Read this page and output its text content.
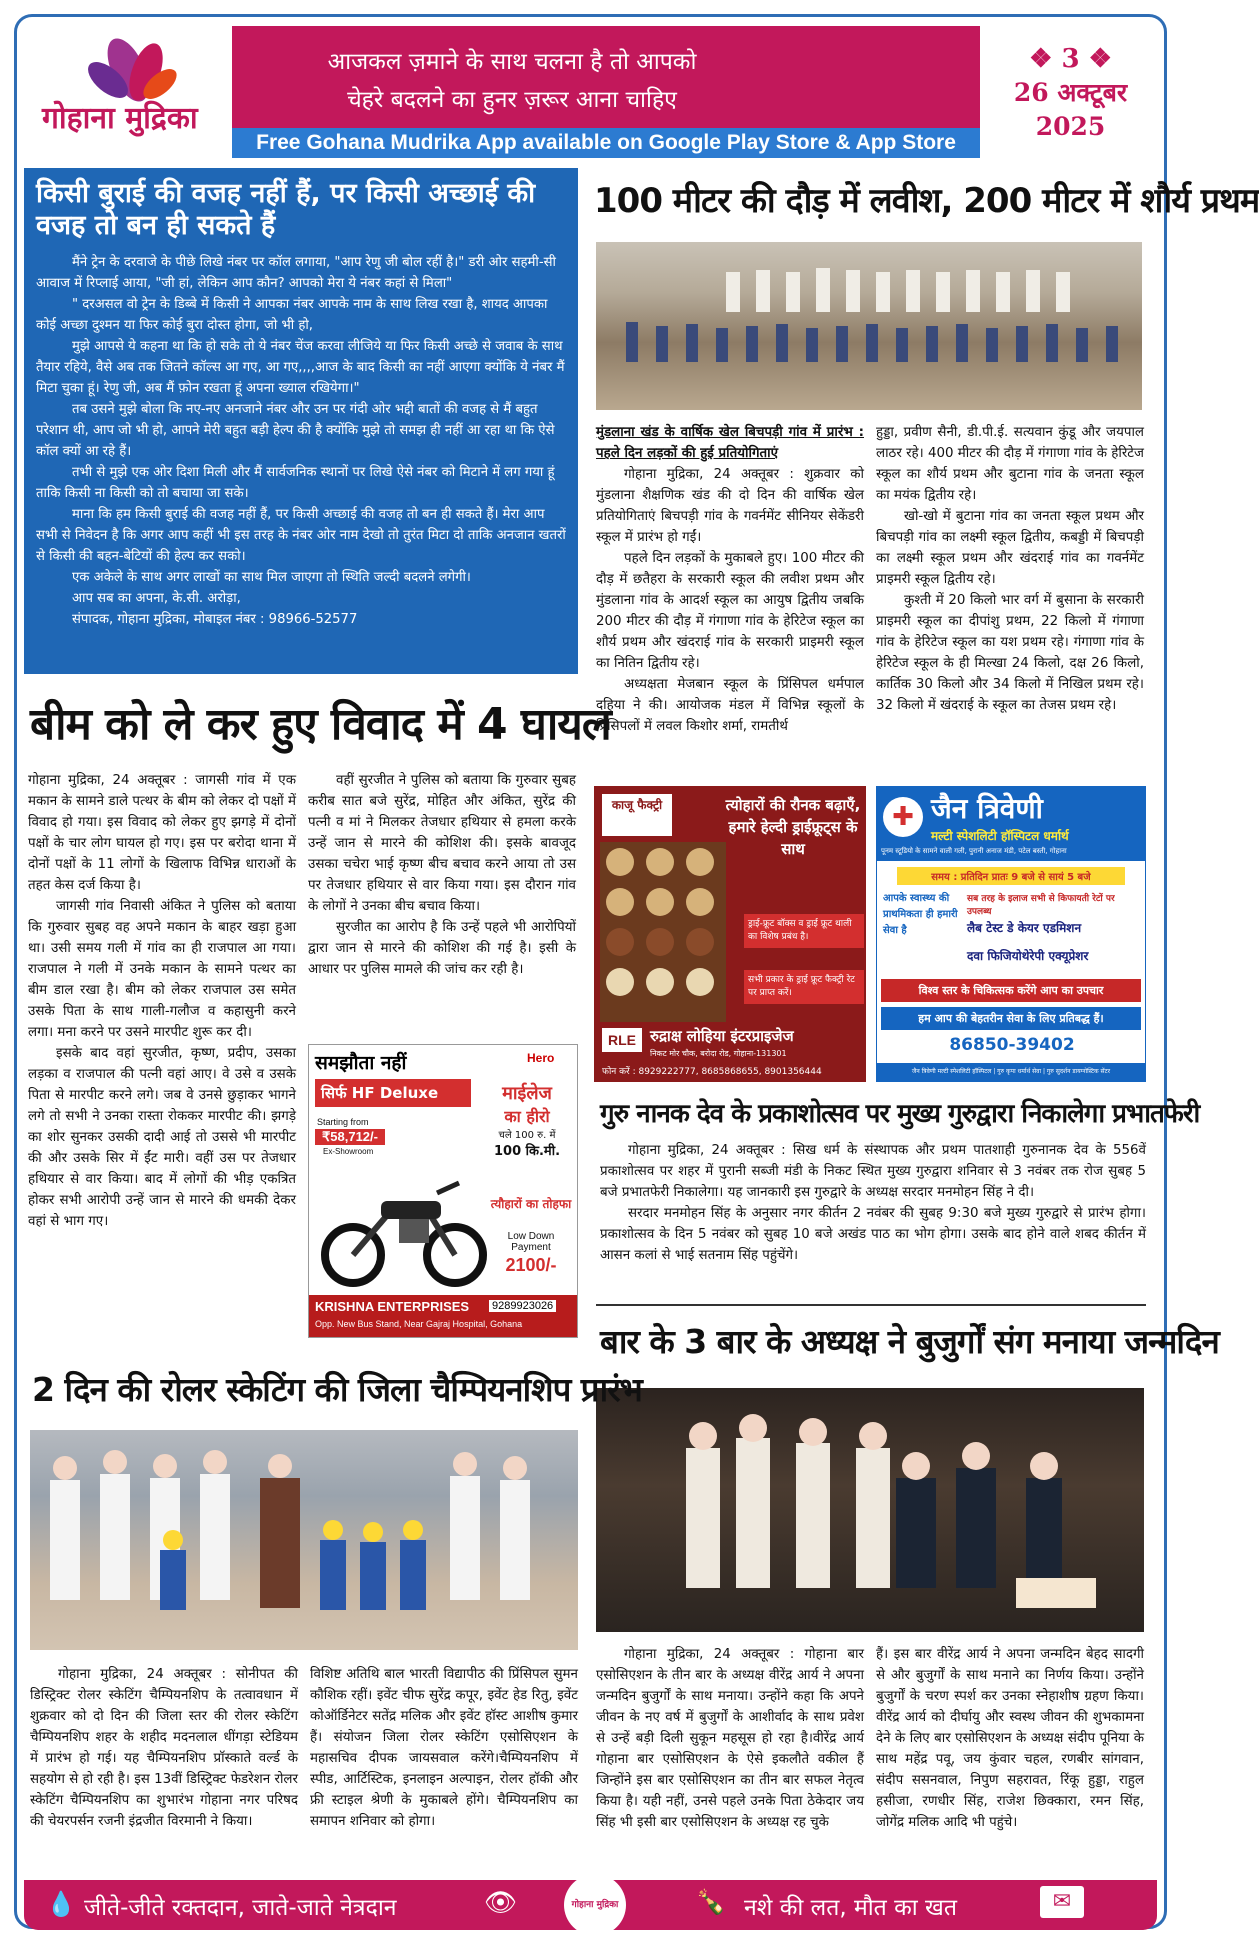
गोहाना मुद्रिका
आजकल ज़माने के साथ चलना है तो आपको
चेहरे बदलने का हुनर ज़रूर आना चाहिए
Free Gohana Mudrika App available on Google Play Store & App Store
❖ 3 ❖
26 अक्टूबर
2025
किसी बुराई की वजह नहीं हैं, पर किसी अच्छाई की वजह तो बन ही सकते हैं

मैंने ट्रेन के दरवाजे के पीछे लिखे नंबर पर कॉल लगाया, "आप रेणु जी बोल रहीं है।" डरी ओर सहमी-सी आवाज में रिप्लाई आया, "जी हां, लेकिन आप कौन? आपको मेरा ये नंबर कहां से मिला"

" दरअसल वो ट्रेन के डिब्बे में किसी ने आपका नंबर आपके नाम के साथ लिख रखा है, शायद आपका कोई अच्छा दुश्मन या फिर कोई बुरा दोस्त होगा, जो भी हो,

मुझे आपसे ये कहना था कि हो सके तो ये नंबर चेंज करवा लीजिये या फिर किसी अच्छे से जवाब के साथ तैयार रहिये, वैसे अब तक जितने कॉल्स आ गए, आ गए,,,,आज के बाद किसी का नहीं आएगा क्योंकि ये नंबर मैं मिटा चुका हूं। रेणु जी, अब मैं फ़ोन रखता हूं अपना ख्याल रखियेगा।"

तब उसने मुझे बोला कि नए-नए अनजाने नंबर और उन पर गंदी ओर भद्दी बातों की वजह से मैं बहुत परेशान थी, आप जो भी हो, आपने मेरी बहुत बड़ी हेल्प की है क्योंकि मुझे तो समझ ही नहीं आ रहा था कि ऐसे कॉल क्यों आ रहे हैं।

तभी से मुझे एक ओर दिशा मिली और मैं सार्वजनिक स्थानों पर लिखे ऐसे नंबर को मिटाने में लग गया हूं ताकि किसी ना किसी को तो बचाया जा सके।

माना कि हम किसी बुराई की वजह नहीं हैं, पर किसी अच्छाई की वजह तो बन ही सकते हैं। मेरा आप सभी से निवेदन है कि अगर आप कहीं भी इस तरह के नंबर ओर नाम देखो तो तुरंत मिटा दो ताकि अनजान खतरों से किसी की बहन-बेटियों की हेल्प कर सको।

एक अकेले के साथ अगर लाखों का साथ मिल जाएगा तो स्थिति जल्दी बदलने लगेगी।

आप सब का अपना, के.सी. अरोड़ा,

संपादक, गोहाना मुद्रिका, मोबाइल नंबर : 98966-52577

100 मीटर की दौड़ में लवीश, 200 मीटर में शौर्य प्रथम

मुंडलाना खंड के वार्षिक खेल बिचपड़ी गांव में प्रारंभ : पहले दिन लड़कों की हुई प्रतियोगिताएं

गोहाना मुद्रिका, 24 अक्तूबर : शुक्रवार को मुंडलाना शैक्षणिक खंड की दो दिन की वार्षिक खेल प्रतियोगिताएं बिचपड़ी गांव के गवर्नमेंट सीनियर सेकेंडरी स्कूल में प्रारंभ हो गईं।

पहले दिन लड़कों के मुकाबले हुए। 100 मीटर की दौड़ में छतैहरा के सरकारी स्कूल की लवीश प्रथम और मुंडलाना गांव के आदर्श स्कूल का आयुष द्वितीय जबकि 200 मीटर की दौड़ में गंगाणा गांव के हेरिटेज स्कूल का शौर्य प्रथम और खंदराई गांव के सरकारी प्राइमरी स्कूल का नितिन द्वितीय रहे।

अध्यक्षता मेजबान स्कूल के प्रिंसिपल धर्मपाल दहिया ने की। आयोजक मंडल में विभिन्न स्कूलों के प्रिंसिपलों में लवल किशोर शर्मा, रामतीर्थ

हुड्डा, प्रवीण सैनी, डी.पी.ई. सत्यवान कुंडू और जयपाल लाठर रहे। 400 मीटर की दौड़ में गंगाणा गांव के हेरिटेज स्कूल का शौर्य प्रथम और बुटाना गांव के जनता स्कूल का मयंक द्वितीय रहे।

खो-खो में बुटाना गांव का जनता स्कूल प्रथम और बिचपड़ी गांव का लक्ष्मी स्कूल द्वितीय, कबड्डी में बिचपड़ी का लक्ष्मी स्कूल प्रथम और खंदराई गांव का गवर्नमेंट प्राइमरी स्कूल द्वितीय रहे।

कुश्ती में 20 किलो भार वर्ग में बुसाना के सरकारी प्राइमरी स्कूल का दीपांशु प्रथम, 22 किलो में गंगाणा गांव के हेरिटेज स्कूल का यश प्रथम रहे। गंगाणा गांव के हेरिटेज स्कूल के ही मिल्खा 24 किलो, दक्ष 26 किलो, कार्तिक 30 किलो और 34 किलो में निखिल प्रथम रहे। 32 किलो में खंदराई के स्कूल का तेजस प्रथम रहे।

बीम को ले कर हुए विवाद में 4 घायल

गोहाना मुद्रिका, 24 अक्तूबर : जागसी गांव में एक मकान के सामने डाले पत्थर के बीम को लेकर दो पक्षों में विवाद हो गया। इस विवाद को लेकर हुए झगड़े में दोनों पक्षों के चार लोग घायल हो गए। इस पर बरोदा थाना में दोनों पक्षों के 11 लोगों के खिलाफ विभिन्न धाराओं के तहत केस दर्ज किया है।

जागसी गांव निवासी अंकित ने पुलिस को बताया कि गुरुवार सुबह वह अपने मकान के बाहर खड़ा हुआ था। उसी समय गली में गांव का ही राजपाल आ गया। राजपाल ने गली में उनके मकान के सामने पत्थर का बीम डाल रखा है। बीम को लेकर राजपाल उस समेत उसके पिता के साथ गाली-गलौज व कहासुनी करने लगा। मना करने पर उसने मारपीट शुरू कर दी।

इसके बाद वहां सुरजीत, कृष्ण, प्रदीप, उसका लड़का व राजपाल की पत्नी वहां आए। वे उसे व उसके पिता से मारपीट करने लगे। जब वे उनसे छुड़ाकर भागने लगे तो सभी ने उनका रास्ता रोककर मारपीट की। झगड़े का शोर सुनकर उसकी दादी आई तो उससे भी मारपीट की और उसके सिर में ईंट मारी। वहीं उस पर तेजधार हथियार से वार किया। बाद में लोगों की भीड़ एकत्रित होकर सभी आरोपी उन्हें जान से मारने की धमकी देकर वहां से भाग गए।

वहीं सुरजीत ने पुलिस को बताया कि गुरुवार सुबह करीब सात बजे सुरेंद्र, मोहित और अंकित, सुरेंद्र की पत्नी व मां ने मिलकर तेजधार हथियार से हमला करके उन्हें जान से मारने की कोशिश की। इसके बावजूद उसका चचेरा भाई कृष्ण बीच बचाव करने आया तो उस पर तेजधार हथियार से वार किया गया। इस दौरान गांव के लोगों ने उनका बीच बचाव किया।

सुरजीत का आरोप है कि उन्हें पहले भी आरोपियों द्वारा जान से मारने की कोशिश की गई है। इसी के आधार पर पुलिस मामले की जांच कर रही है।

समझौता नहीं	Hero
सिर्फ HF Deluxe
Starting from
₹58,712/-
Ex-Showroom
माईलेज
का हीरो
चले 100 रु. में
100 कि.मी.
त्यौहारों का तोहफा
Low Down Payment
2100/-
KRISHNA ENTERPRISES 9289923026
Opp. New Bus Stand, Near Gajraj Hospital, Gohana
काजू फैक्ट्री	त्योहारों की रौनक बढ़ाएँ, हमारे हेल्दी ड्राईफ्रूट्स के साथ
ड्राई-फ्रूट बॉक्स व ड्राई फ्रूट थाली का विशेष प्रबंध है।
सभी प्रकार के ड्राई फ्रूट फैक्ट्री रेट पर प्राप्त करें।
RLE रुद्राक्ष लोहिया इंटरप्राइजेज
निकट मोर चौक, बरोदा रोड, गोहाना-131301
फोन करें : 8929222777, 8685868655, 8901356444
✚ जैन त्रिवेणी
मल्टी स्पेशलिटी हॉस्पिटल धर्मार्थ
पूनम स्टूडियो के सामने वाली गली, पुरानी अनाज मंडी, पटेल बस्ती, गोहाना
समय : प्रतिदिन प्रातः 9 बजे से सायं 5 बजे
आपके स्वास्थ्य की प्राथमिकता ही हमारी सेवा है
सब तरह के इलाज सभी से किफायती रेटों पर उपलब्ध
लैब टेस्ट डे केयर एडमिशन
दवा फिजियोथेरेपी एक्यूप्रेशर
विश्व स्तर के चिकित्सक करेंगे आप का उपचार
हम आप की बेहतरीन सेवा के लिए प्रतिबद्ध हैं।
86850-39402
जैन त्रिवेणी मल्टी स्पेशलिटी हॉस्पिटल | गुरु कृपा धर्मार्थ सेवा | गुरु सुदर्शन डायग्नोस्टिक सेंटर
गुरु नानक देव के प्रकाशोत्सव पर मुख्य गुरुद्वारा निकालेगा प्रभातफेरी

गोहाना मुद्रिका, 24 अक्तूबर : सिख धर्म के संस्थापक और प्रथम पातशाही गुरुनानक देव के 556वें प्रकाशोत्सव पर शहर में पुरानी सब्जी मंडी के निकट स्थित मुख्य गुरुद्वारा शनिवार से 3 नवंबर तक रोज सुबह 5 बजे प्रभातफेरी निकालेगा। यह जानकारी इस गुरुद्वारे के अध्यक्ष सरदार मनमोहन सिंह ने दी।

सरदार मनमोहन सिंह के अनुसार नगर कीर्तन 2 नवंबर की सुबह 9:30 बजे मुख्य गुरुद्वारे से प्रारंभ होगा। प्रकाशोत्सव के दिन 5 नवंबर को सुबह 10 बजे अखंड पाठ का भोग होगा। उसके बाद होने वाले शबद कीर्तन में आसन कलां से भाई सतनाम सिंह पहुंचेंगे।

बार के 3 बार के अध्यक्ष ने बुजुर्गों संग मनाया जन्मदिन

गोहाना मुद्रिका, 24 अक्तूबर : गोहाना बार एसोसिएशन के तीन बार के अध्यक्ष वीरेंद्र आर्य ने अपना जन्मदिन बुजुर्गों के साथ मनाया। उन्होंने कहा कि अपने जीवन के नए वर्ष में बुजुर्गों के आशीर्वाद के साथ प्रवेश से उन्हें बड़ी दिली सुकून महसूस हो रहा है।वीरेंद्र आर्य गोहाना बार एसोसिएशन के ऐसे इकलौते वकील हैं जिन्होंने इस बार एसोसिएशन का तीन बार सफल नेतृत्व किया है। यही नहीं, उनसे पहले उनके पिता ठेकेदार जय सिंह भी इसी बार एसोसिएशन के अध्यक्ष रह चुके

हैं। इस बार वीरेंद्र आर्य ने अपना जन्मदिन बेहद सादगी से और बुजुर्गों के साथ मनाने का निर्णय किया। उन्होंने बुजुर्गों के चरण स्पर्श कर उनका स्नेहाशीष ग्रहण किया।वीरेंद्र आर्य को दीर्घायु और स्वस्थ जीवन की शुभकामना देने के लिए बार एसोसिएशन के अध्यक्ष संदीप पूनिया के साथ महेंद्र पवू, जय कुंवार चहल, रणबीर सांगवान, संदीप ससनवाल, निपुण सहरावत, रिंकू हुड्डा, राहुल हसीजा, रणधीर सिंह, राजेश छिक्कारा, रमन सिंह, जोगेंद्र मलिक आदि भी पहुंचे।

2 दिन की रोलर स्केटिंग की जिला चैम्पियनशिप प्रारंभ

गोहाना मुद्रिका, 24 अक्तूबर : सोनीपत की डिस्ट्रिक्ट रोलर स्केटिंग चैम्पियनशिप के तत्वावधान में शुक्रवार को दो दिन की जिला स्तर की रोलर स्केटिंग चैम्पियनशिप शहर के शहीद मदनलाल धींगड़ा स्टेडियम में प्रारंभ हो गई। यह चैम्पियनशिप प्रॉस्काते वर्ल्ड के सहयोग से हो रही है। इस 13वीं डिस्ट्रिक्ट फेडरेशन रोलर स्केटिंग चैम्पियनशिप का शुभारंभ गोहाना नगर परिषद की चेयरपर्सन रजनी इंद्रजीत विरमानी ने किया।

विशिष्ट अतिथि बाल भारती विद्यापीठ की प्रिंसिपल सुमन कौशिक रहीं। इवेंट चीफ सुरेंद्र कपूर, इवेंट हेड रितु, इवेंट कोऑर्डिनेटर सतेंद्र मलिक और इवेंट हॉस्ट आशीष कुमार हैं। संयोजन जिला रोलर स्केटिंग एसोसिएशन के महासचिव दीपक जायसवाल करेंगे।चैम्पियनशिप में स्पीड, आर्टिस्टिक, इनलाइन अल्पाइन, रोलर हॉकी और फ्री स्टाइल श्रेणी के मुकाबले होंगे। चैम्पियनशिप का समापन शनिवार को होगा।

💧 जीते-जीते रक्तदान, जाते-जाते नेत्रदान	👁	गोहाना मुद्रिका	🍾 नशे की लत, मौत का खत	✉
